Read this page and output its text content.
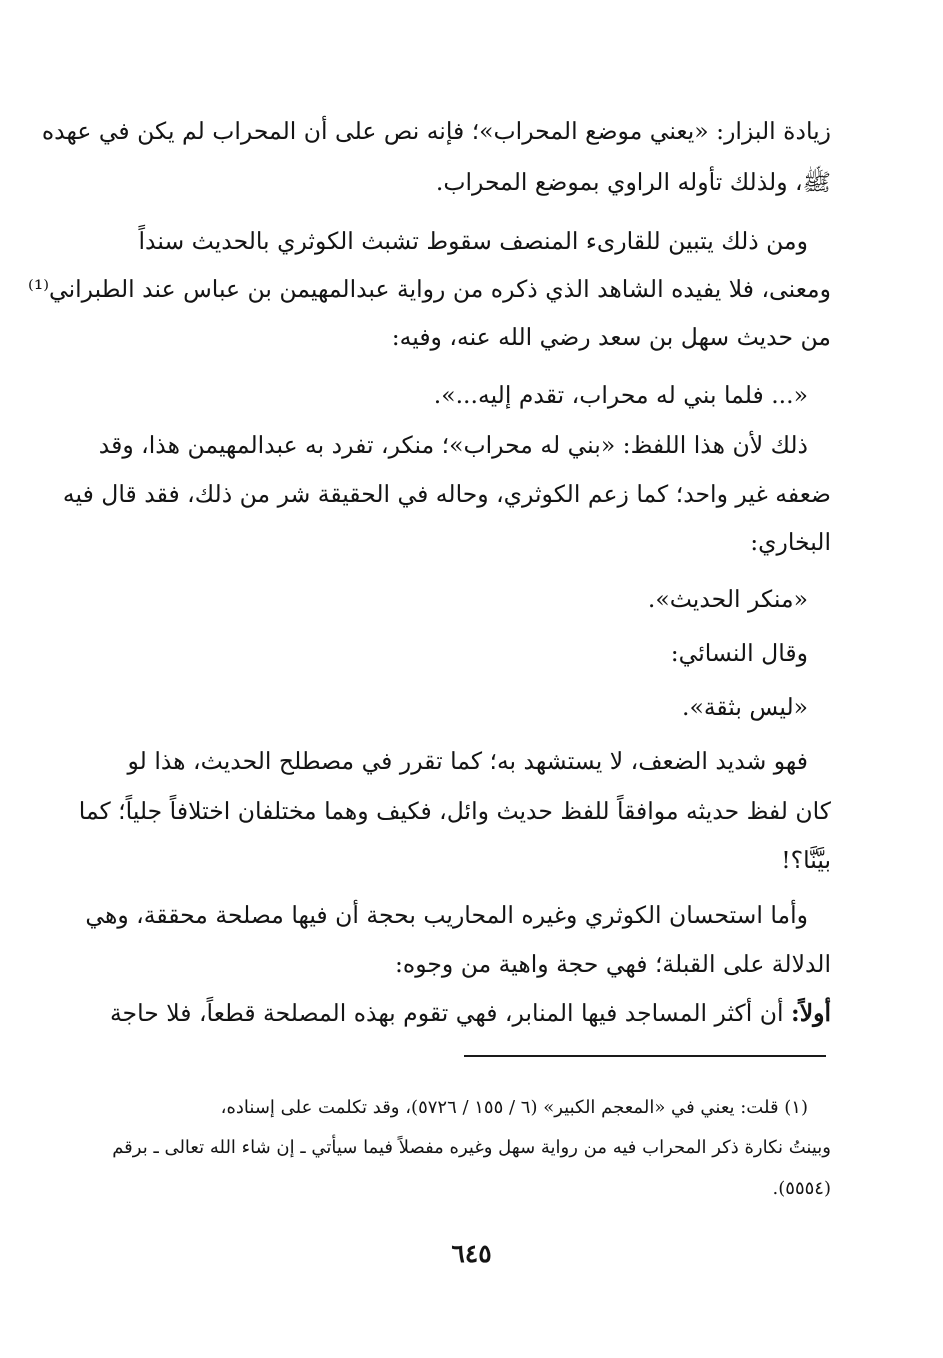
زيادة البزار: «يعني موضع المحراب»؛ فإنه نص على أن المحراب لم يكن في عهده
ﷺ، ولذلك تأوله الراوي بموضع المحراب.
ومن ذلك يتبين للقارىء المنصف سقوط تشبث الكوثري بالحديث سنداً
ومعنى، فلا يفيده الشاهد الذي ذكره من رواية عبدالمهيمن بن عباس عند الطبراني⁽¹⁾
من حديث سهل بن سعد رضي الله عنه، وفيه:
«... فلما بني له محراب، تقدم إليه...».
ذلك لأن هذا اللفظ: «بني له محراب»؛ منكر، تفرد به عبدالمهيمن هذا، وقد
ضعفه غير واحد؛ كما زعم الكوثري، وحاله في الحقيقة شر من ذلك، فقد قال فيه
البخاري:
«منكر الحديث».
وقال النسائي:
«ليس بثقة».
فهو شديد الضعف، لا يستشهد به؛ كما تقرر في مصطلح الحديث، هذا لو
كان لفظ حديثه موافقاً للفظ حديث وائل، فكيف وهما مختلفان اختلافاً جلياً؛ كما
بيَّنَّا؟!
وأما استحسان الكوثري وغيره المحاريب بحجة أن فيها مصلحة محققة، وهي
الدلالة على القبلة؛ فهي حجة واهية من وجوه:
أولاً: أن أكثر المساجد فيها المنابر، فهي تقوم بهذه المصلحة قطعاً، فلا حاجة
(١) قلت: يعني في «المعجم الكبير» (٦ / ١٥٥ / ٥٧٢٦)، وقد تكلمت على إسناده،
وبينتُ نكارة ذكر المحراب فيه من رواية سهل وغيره مفصلاً فيما سيأتي ـ إن شاء الله تعالى ـ برقم
(٥٥٥٤).
٦٤٥
